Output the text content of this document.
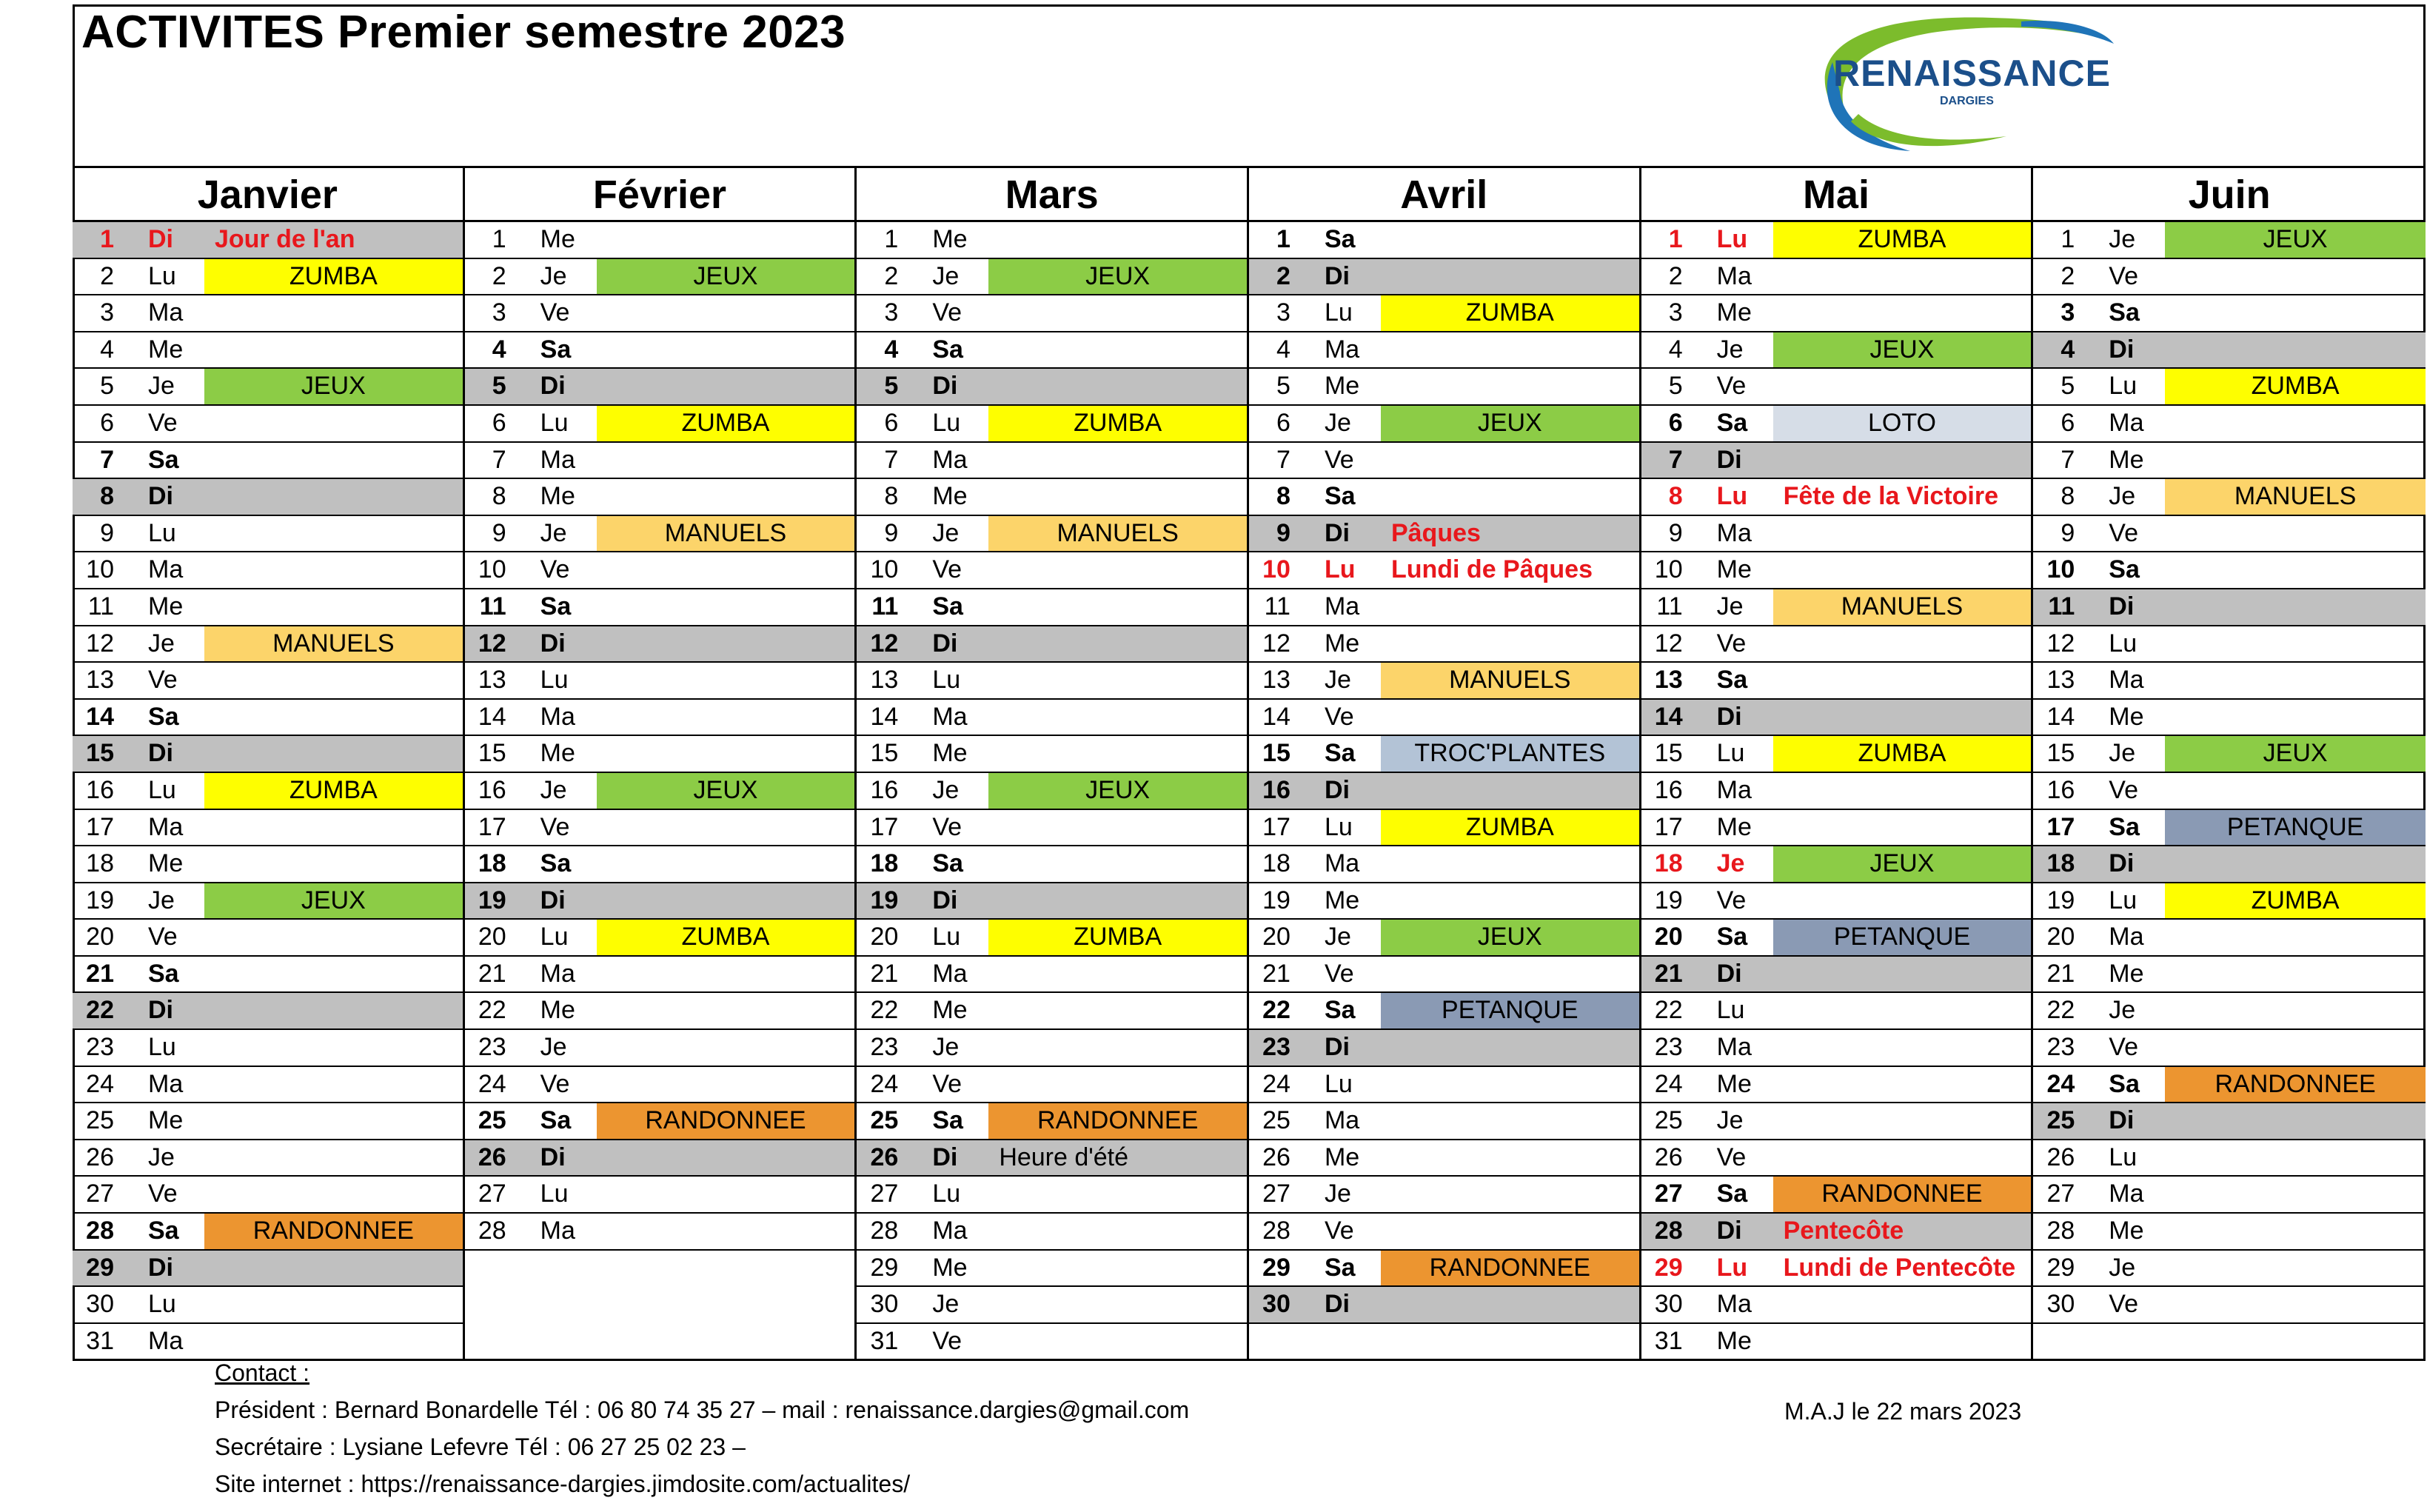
ACTIVITES Premier semestre 2023
RENAISSANCE
DARGIES
Janvier
1	Di	Jour de l'an
2	Lu	ZUMBA
3	Ma
4	Me
5	Je	JEUX
6	Ve
7	Sa
8	Di
9	Lu
10	Ma
11	Me
12	Je	MANUELS
13	Ve
14	Sa
15	Di
16	Lu	ZUMBA
17	Ma
18	Me
19	Je	JEUX
20	Ve
21	Sa
22	Di
23	Lu
24	Ma
25	Me
26	Je
27	Ve
28	Sa	RANDONNEE
29	Di
30	Lu
31	Ma
Février
1	Me
2	Je	JEUX
3	Ve
4	Sa
5	Di
6	Lu	ZUMBA
7	Ma
8	Me
9	Je	MANUELS
10	Ve
11	Sa
12	Di
13	Lu
14	Ma
15	Me
16	Je	JEUX
17	Ve
18	Sa
19	Di
20	Lu	ZUMBA
21	Ma
22	Me
23	Je
24	Ve
25	Sa	RANDONNEE
26	Di
27	Lu
28	Ma
Mars
1	Me
2	Je	JEUX
3	Ve
4	Sa
5	Di
6	Lu	ZUMBA
7	Ma
8	Me
9	Je	MANUELS
10	Ve
11	Sa
12	Di
13	Lu
14	Ma
15	Me
16	Je	JEUX
17	Ve
18	Sa
19	Di
20	Lu	ZUMBA
21	Ma
22	Me
23	Je
24	Ve
25	Sa	RANDONNEE
26	Di	Heure d'été
27	Lu
28	Ma
29	Me
30	Je
31	Ve
Avril
1	Sa
2	Di
3	Lu	ZUMBA
4	Ma
5	Me
6	Je	JEUX
7	Ve
8	Sa
9	Di	Pâques
10	Lu	Lundi de Pâques
11	Ma
12	Me
13	Je	MANUELS
14	Ve
15	Sa	TROC'PLANTES
16	Di
17	Lu	ZUMBA
18	Ma
19	Me
20	Je	JEUX
21	Ve
22	Sa	PETANQUE
23	Di
24	Lu
25	Ma
26	Me
27	Je
28	Ve
29	Sa	RANDONNEE
30	Di
Mai
1	Lu	ZUMBA
2	Ma
3	Me
4	Je	JEUX
5	Ve
6	Sa	LOTO
7	Di
8	Lu	Fête de la Victoire
9	Ma
10	Me
11	Je	MANUELS
12	Ve
13	Sa
14	Di
15	Lu	ZUMBA
16	Ma
17	Me
18	Je	JEUX
19	Ve
20	Sa	PETANQUE
21	Di
22	Lu
23	Ma
24	Me
25	Je
26	Ve
27	Sa	RANDONNEE
28	Di	Pentecôte
29	Lu	Lundi de Pentecôte
30	Ma
31	Me
Juin
1	Je	JEUX
2	Ve
3	Sa
4	Di
5	Lu	ZUMBA
6	Ma
7	Me
8	Je	MANUELS
9	Ve
10	Sa
11	Di
12	Lu
13	Ma
14	Me
15	Je	JEUX
16	Ve
17	Sa	PETANQUE
18	Di
19	Lu	ZUMBA
20	Ma
21	Me
22	Je
23	Ve
24	Sa	RANDONNEE
25	Di
26	Lu
27	Ma
28	Me
29	Je
30	Ve
Contact :
Président : Bernard Bonardelle Tél : 06 80 74 35 27 – mail : renaissance.dargies@gmail.com
Secrétaire : Lysiane Lefevre Tél : 06 27 25 02 23 –
Site internet : https://renaissance-dargies.jimdosite.com/actualites/
M.A.J le 22 mars 2023
